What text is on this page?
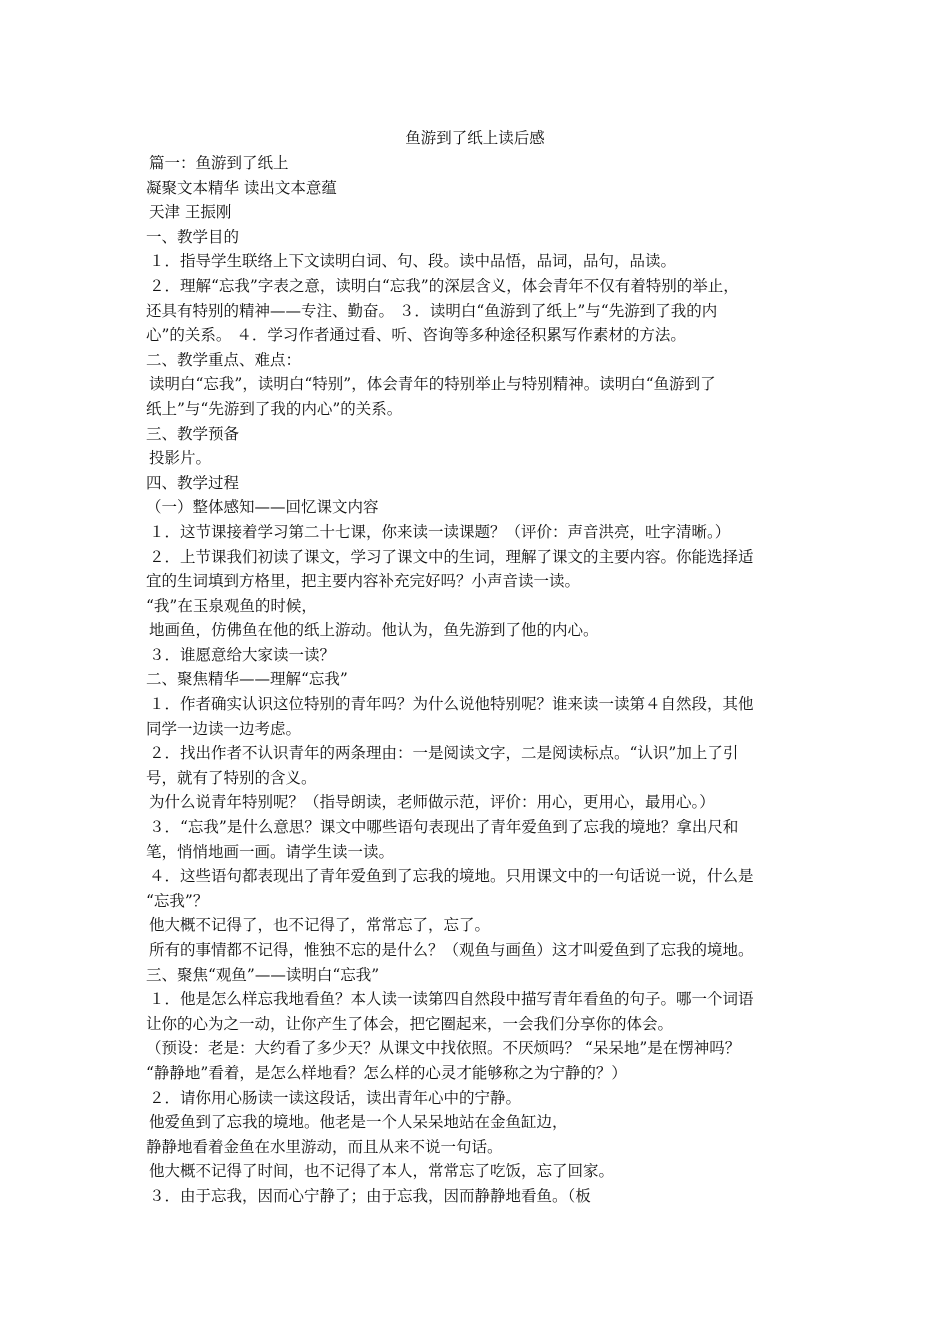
鱼游到了纸上读后感
篇一：鱼游到了纸上
凝聚文本精华 读出文本意蕴
天津 王振刚
一、教学目的
１．指导学生联络上下文读明白词、句、段。读中品悟，品词，品句，品读。
２．理解“忘我”字表之意，读明白“忘我”的深层含义，体会青年不仅有着特别的举止，
还具有特别的精神——专注、勤奋。 ３．读明白“鱼游到了纸上”与“先游到了我的内
心”的关系。 ４．学习作者通过看、听、咨询等多种途径积累写作素材的方法。
二、教学重点、难点：
读明白“忘我”，读明白“特别”，体会青年的特别举止与特别精神。读明白“鱼游到了
纸上”与“先游到了我的内心”的关系。
三、教学预备
投影片。
四、教学过程
（一）整体感知——回忆课文内容
１．这节课接着学习第二十七课，你来读一读课题？（评价：声音洪亮，吐字清晰。）
２．上节课我们初读了课文，学习了课文中的生词，理解了课文的主要内容。你能选择适
宜的生词填到方格里，把主要内容补充完好吗？小声音读一读。
“我”在玉泉观鱼的时候，
地画鱼，仿佛鱼在他的纸上游动。他认为，鱼先游到了他的内心。
３．谁愿意给大家读一读？
二、聚焦精华——理解“忘我”
１．作者确实认识这位特别的青年吗？为什么说他特别呢？谁来读一读第４自然段，其他
同学一边读一边考虑。
２．找出作者不认识青年的两条理由：一是阅读文字，二是阅读标点。“认识”加上了引
号，就有了特别的含义。
为什么说青年特别呢？（指导朗读，老师做示范，评价：用心，更用心，最用心。）
３．“忘我”是什么意思？课文中哪些语句表现出了青年爱鱼到了忘我的境地？拿出尺和
笔，悄悄地画一画。请学生读一读。
４．这些语句都表现出了青年爱鱼到了忘我的境地。只用课文中的一句话说一说，什么是
“忘我”？
他大概不记得了，也不记得了，常常忘了，忘了。
所有的事情都不记得，惟独不忘的是什么？（观鱼与画鱼）这才叫爱鱼到了忘我的境地。
三、聚焦“观鱼”——读明白“忘我”
１．他是怎么样忘我地看鱼？本人读一读第四自然段中描写青年看鱼的句子。哪一个词语
让你的心为之一动，让你产生了体会，把它圈起来，一会我们分享你的体会。
（预设：老是：大约看了多少天？从课文中找依照。不厌烦吗？ “呆呆地”是在愣神吗？
“静静地”看着，是怎么样地看？怎么样的心灵才能够称之为宁静的？）
２．请你用心肠读一读这段话，读出青年心中的宁静。
他爱鱼到了忘我的境地。他老是一个人呆呆地站在金鱼缸边，
静静地看着金鱼在水里游动，而且从来不说一句话。
他大概不记得了时间，也不记得了本人，常常忘了吃饭，忘了回家。
３．由于忘我，因而心宁静了；由于忘我，因而静静地看鱼。（板
